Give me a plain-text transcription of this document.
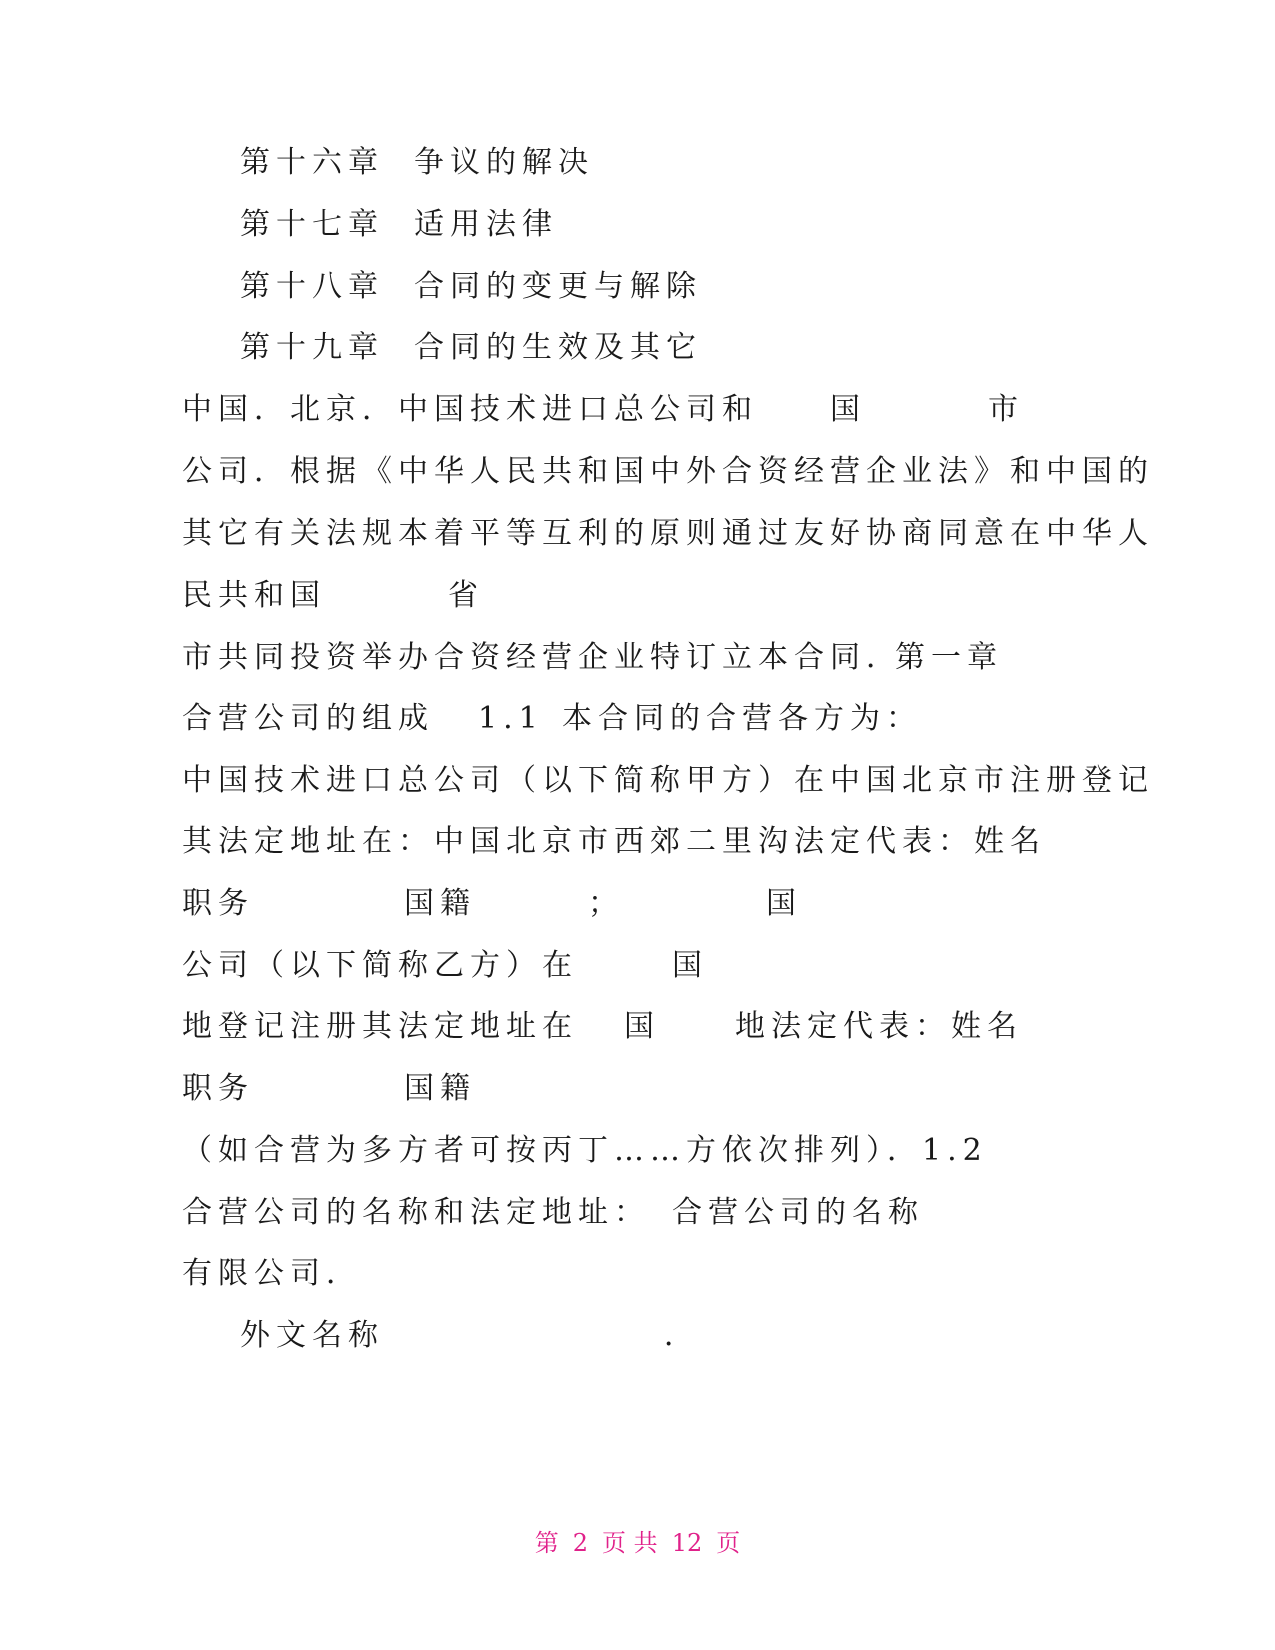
第十六章 争议的解决
第十七章 适用法律
第十八章 合同的变更与解除
第十九章 合同的生效及其它
中国．北京．中国技术进口总公司和 国	市
公司．根据《中华人民共和国中外合资经营企业法》和中国的
其它有关法规本着平等互利的原则通过友好协商同意在中华人
民共和国	省
市共同投资举办合资经营企业特订立本合同．
第一章
合营公司的组成 1.1 本合同的合营各方为：
中国技术进口总公司（以下简称甲方）在中国北京市注册登记
其法定地址在：中国北京市西郊二里沟法定代表：姓名
职务	国籍	；	国
公司（以下简称乙方）在	国
地登记注册其法定地址在 国	地法定代表：姓名
职务	国籍
（如合营为多方者可按丙丁……方依次排列）． 1.2
合营公司的名称和法定地址： 合营公司的名称
有限公司．
外文名称	．
第 2 页 共 12 页
